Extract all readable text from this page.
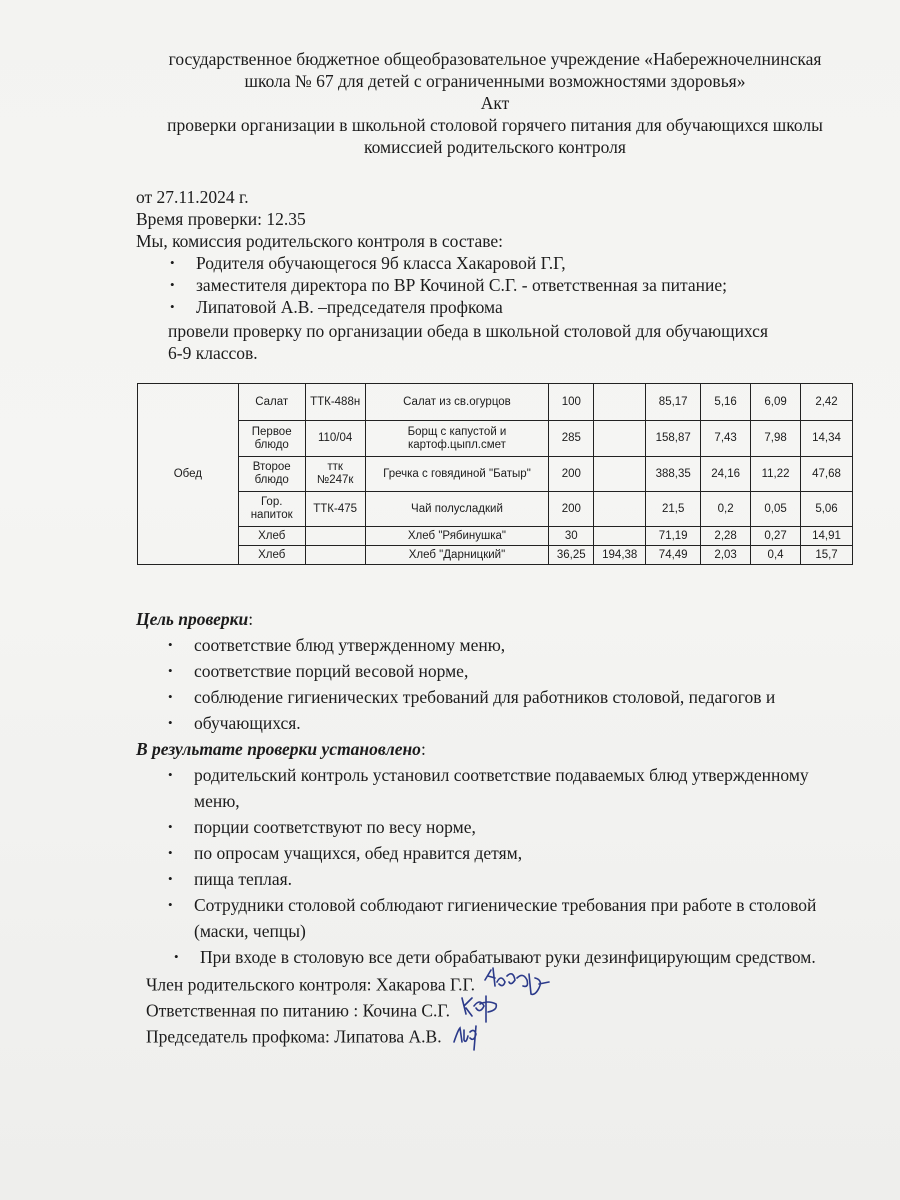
государственное бюджетное общеобразовательное учреждение «Набережночелнинская
школа № 67 для детей с ограниченными возможностями здоровья»
Акт
проверки организации в школьной столовой горячего питания для обучающихся школы
комиссией родительского контроля
от 27.11.2024 г.
Время проверки: 12.35
Мы, комиссия родительского контроля в составе:
• Родителя обучающегося 9б класса Хакаровой Г.Г,
• заместителя директора по ВР Кочиной С.Г. - ответственная за питание;
• Липатовой А.В. –председателя профкома
провели проверку по организации обеда в школьной столовой для обучающихся
6-9 классов.
Обед	Салат	ТТК-488н	Салат из св.огурцов	100		85,17	5,16	6,09	2,42
	Первое блюдо	110/04	Борщ с капустой и картоф.цыпл.смет	285		158,87	7,43	7,98	14,34
	Второе блюдо	ттк №247к	Гречка с говядиной "Батыр"	200		388,35	24,16	11,22	47,68
	Гор. напиток	ТТК-475	Чай полусладкий	200		21,5	0,2	0,05	5,06
	Хлеб		Хлеб "Рябинушка"	30		71,19	2,28	0,27	14,91
	Хлеб		Хлеб "Дарницкий"	36,25	194,38	74,49	2,03	0,4	15,7
Цель проверки:
• соответствие блюд утвержденному меню,
• соответствие порций весовой норме,
• соблюдение гигиенических требований для работников столовой, педагогов и
• обучающихся.
В результате проверки установлено:
• родительский контроль установил соответствие подаваемых блюд утвержденному
меню,
• порции соответствуют по весу норме,
• по опросам учащихся, обед нравится детям,
• пища теплая.
• Сотрудники столовой соблюдают гигиенические требования при работе в столовой
(маски, чепцы)
• При входе в столовую все дети обрабатывают руки дезинфицирующим средством.
Член родительского контроля: Хакарова Г.Г.
Ответственная по питанию : Кочина С.Г.
Председатель профкома: Липатова А.В.
